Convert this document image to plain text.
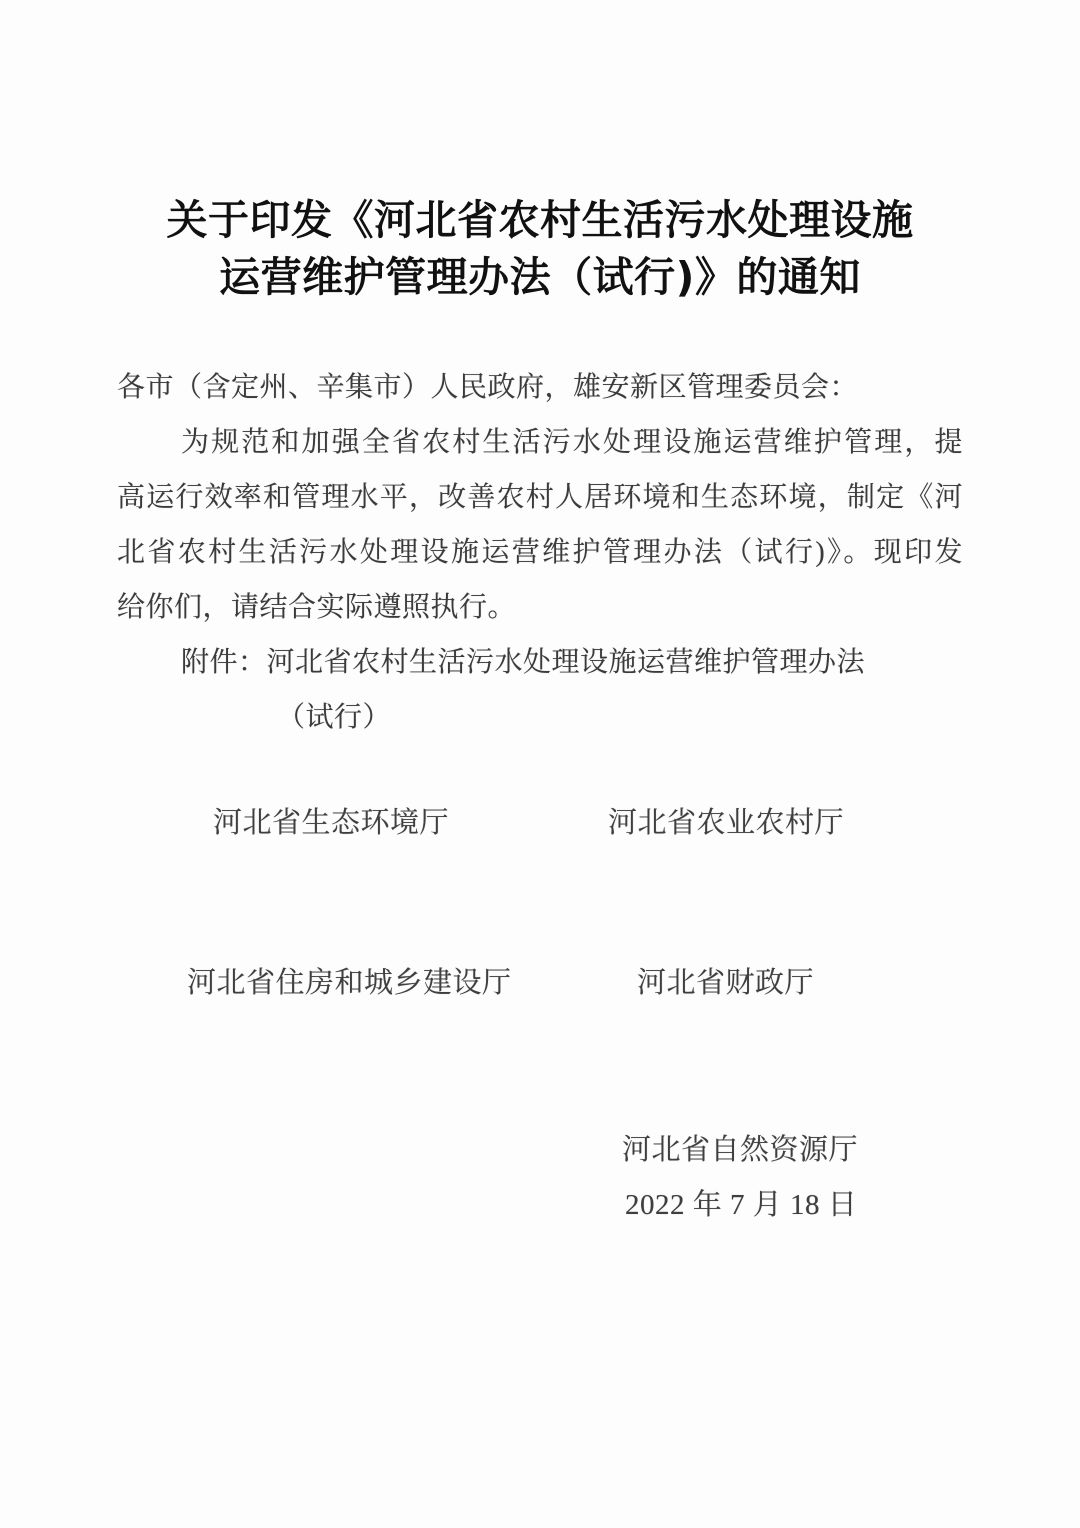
关于印发《河北省农村生活污水处理设施
运营维护管理办法（试行)》的通知

各市（含定州、辛集市）人民政府，雄安新区管理委员会：

为规范和加强全省农村生活污水处理设施运营维护管理，提

高运行效率和管理水平，改善农村人居环境和生态环境，制定《河

北省农村生活污水处理设施运营维护管理办法（试行)》。现印发

给你们，请结合实际遵照执行。

附件：河北省农村生活污水处理设施运营维护管理办法

（试行）

河北省生态环境厅	河北省农业农村厅

河北省住房和城乡建设厅	河北省财政厅

河北省自然资源厅

2022 年 7 月 18 日
